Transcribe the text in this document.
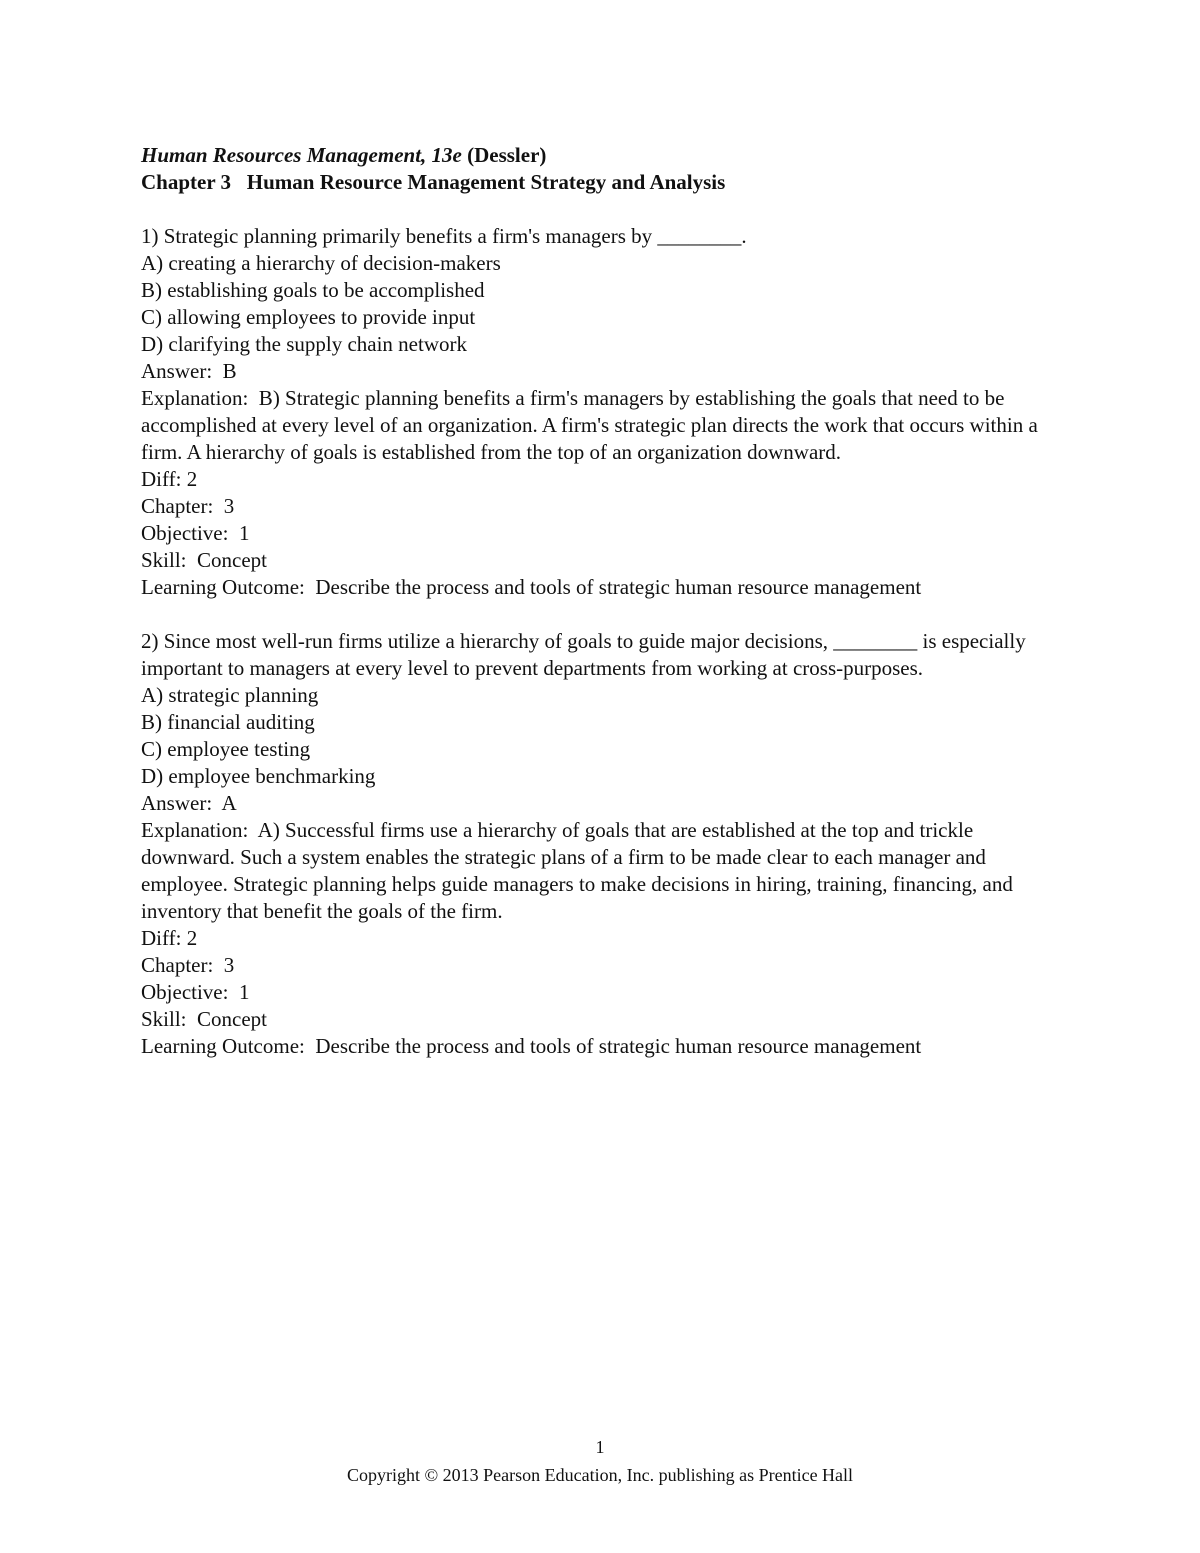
Human Resources Management, 13e (Dessler)
Chapter 3   Human Resource Management Strategy and Analysis
1) Strategic planning primarily benefits a firm's managers by ________.
A) creating a hierarchy of decision-makers
B) establishing goals to be accomplished
C) allowing employees to provide input
D) clarifying the supply chain network
Answer:  B
Explanation:  B) Strategic planning benefits a firm's managers by establishing the goals that need to be accomplished at every level of an organization. A firm's strategic plan directs the work that occurs within a firm. A hierarchy of goals is established from the top of an organization downward.
Diff: 2
Chapter:  3
Objective:  1
Skill:  Concept
Learning Outcome:  Describe the process and tools of strategic human resource management
2) Since most well-run firms utilize a hierarchy of goals to guide major decisions, ________ is especially important to managers at every level to prevent departments from working at cross-purposes.
A) strategic planning
B) financial auditing
C) employee testing
D) employee benchmarking
Answer:  A
Explanation:  A) Successful firms use a hierarchy of goals that are established at the top and trickle downward. Such a system enables the strategic plans of a firm to be made clear to each manager and employee. Strategic planning helps guide managers to make decisions in hiring, training, financing, and inventory that benefit the goals of the firm.
Diff: 2
Chapter:  3
Objective:  1
Skill:  Concept
Learning Outcome:  Describe the process and tools of strategic human resource management
1
Copyright © 2013 Pearson Education, Inc. publishing as Prentice Hall
